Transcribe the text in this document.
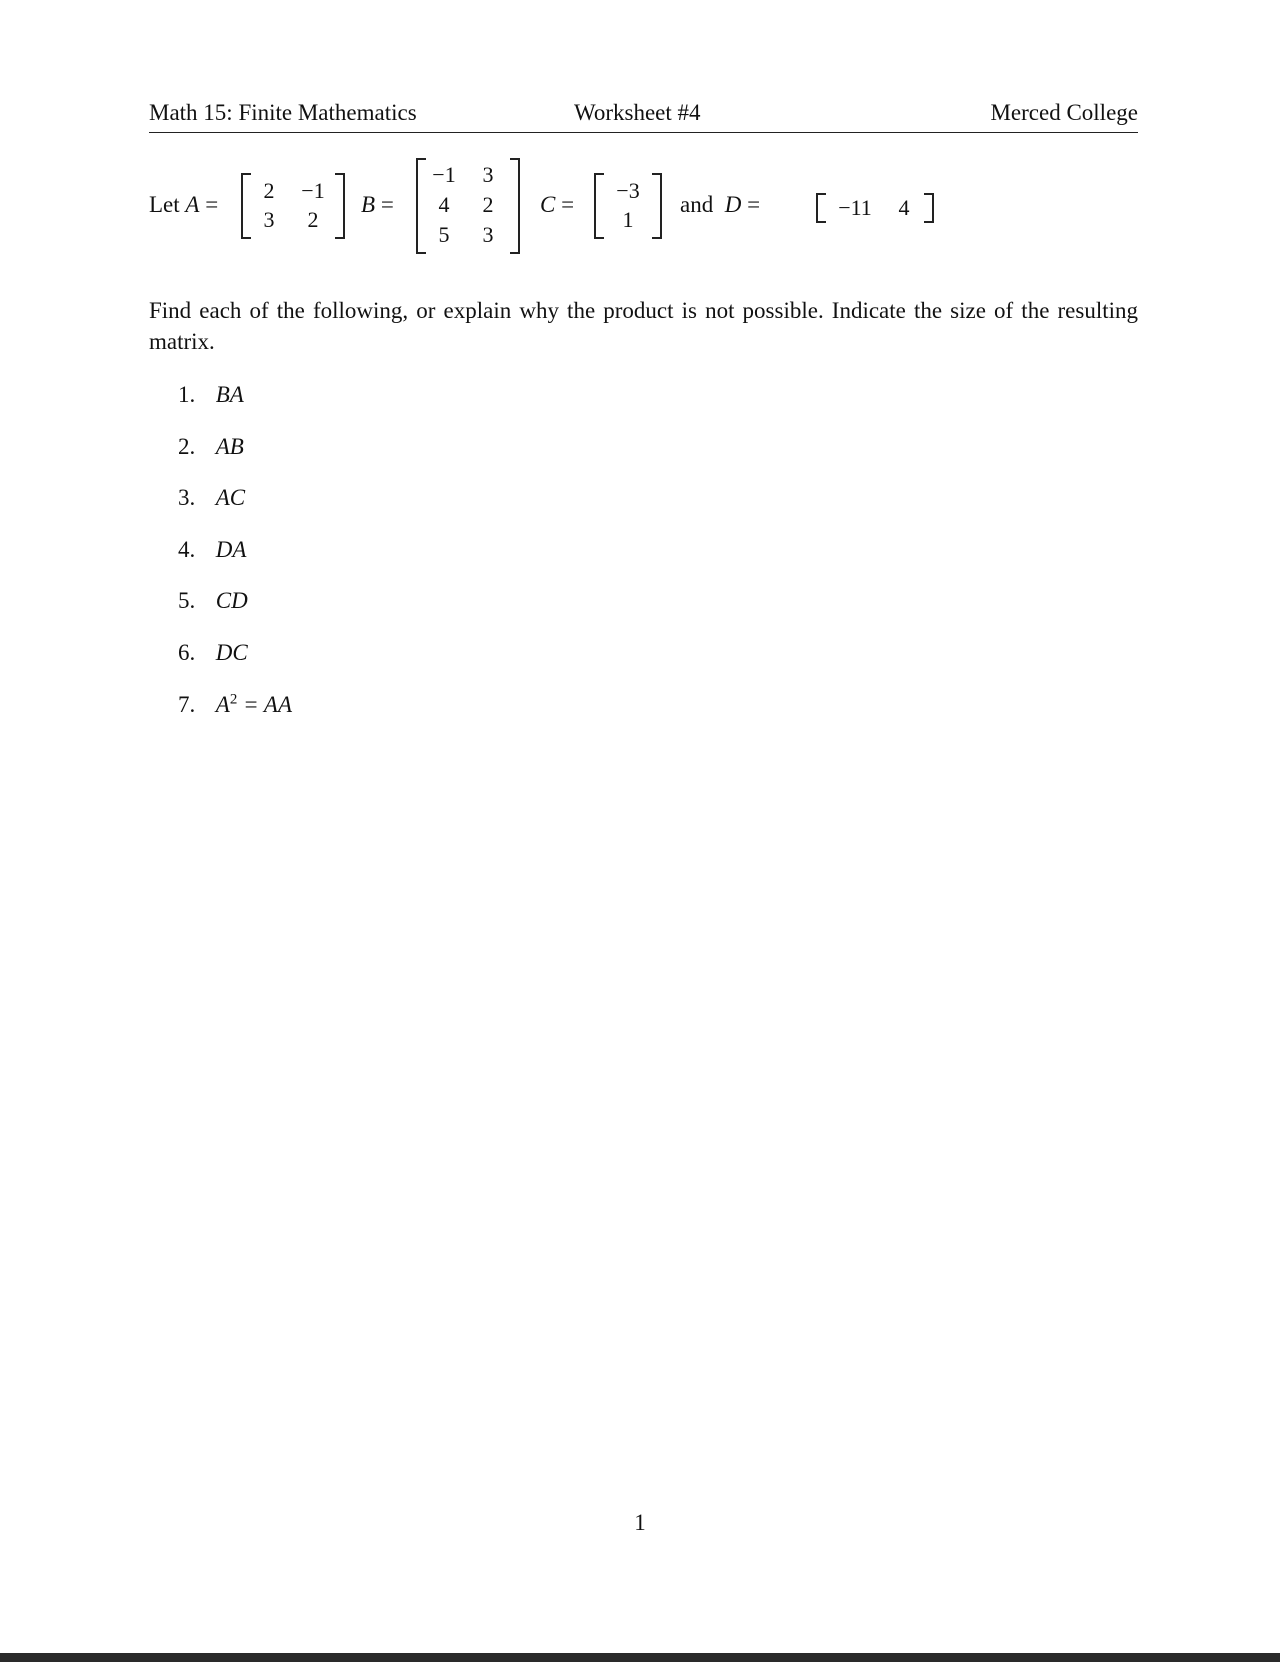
Math 15: Finite Mathematics	Worksheet #4	Merced College
Let A =
2	−1
3	2
B =
−1	3
4	2
5	3
C =
−3
1
and D =	−11	4

Find each of the following, or explain why the product is not possible. Indicate the size of the resulting matrix.

1. BA
2. AB
3. AC
4. DA
5. CD
6. DC
7. $A^2$ = AA
1
